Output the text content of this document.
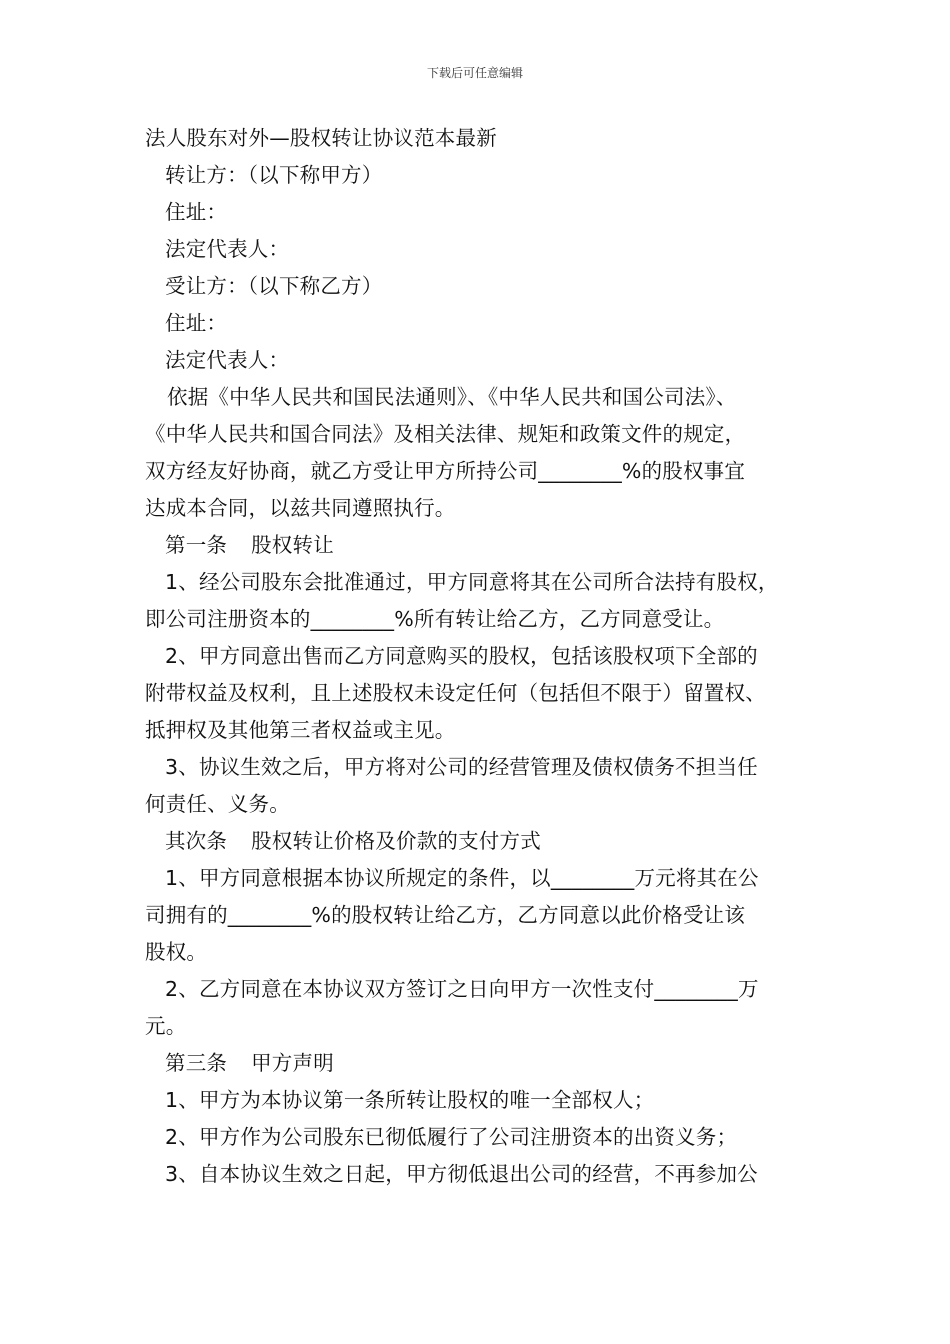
下载后可任意编辑
法人股东对外—股权转让协议范本最新
转让方：（以下称甲方）
住址：
法定代表人：
受让方：（以下称乙方）
住址：
法定代表人：
依据《中华人民共和国民法通则》、《中华人民共和国公司法》、
《中华人民共和国合同法》及相关法律、规矩和政策文件的规定，
双方经友好协商，就乙方受让甲方所持公司________%的股权事宜
达成本合同，以兹共同遵照执行。
第一条 股权转让
1、经公司股东会批准通过，甲方同意将其在公司所合法持有股权，
即公司注册资本的________%所有转让给乙方，乙方同意受让。
2、甲方同意出售而乙方同意购买的股权，包括该股权项下全部的
附带权益及权利，且上述股权未设定任何（包括但不限于）留置权、
抵押权及其他第三者权益或主见。
3、协议生效之后，甲方将对公司的经营管理及债权债务不担当任
何责任、义务。
其次条 股权转让价格及价款的支付方式
1、甲方同意根据本协议所规定的条件，以________万元将其在公
司拥有的________%的股权转让给乙方，乙方同意以此价格受让该
股权。
2、乙方同意在本协议双方签订之日向甲方一次性支付________万
元。
第三条 甲方声明
1、甲方为本协议第一条所转让股权的唯一全部权人；
2、甲方作为公司股东已彻低履行了公司注册资本的出资义务；
3、自本协议生效之日起，甲方彻低退出公司的经营，不再参加公
